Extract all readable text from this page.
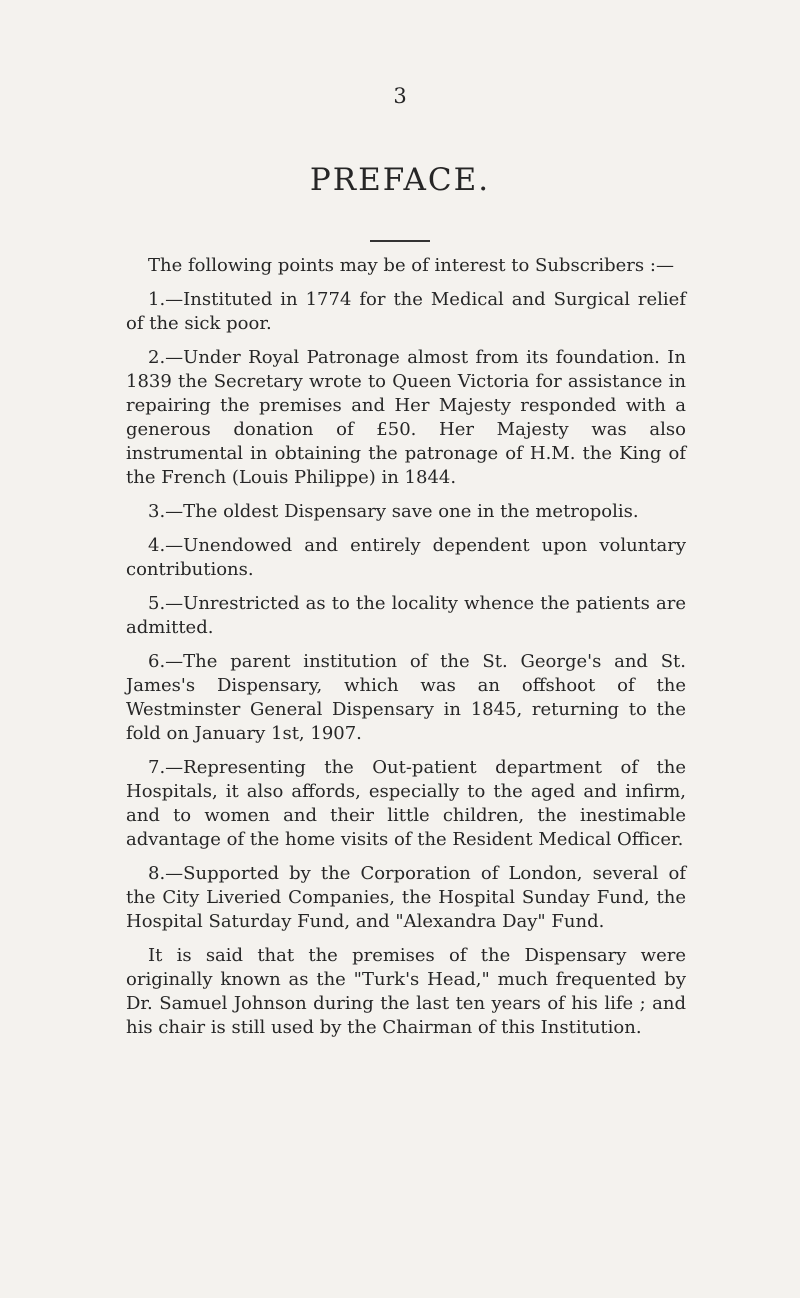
3
PREFACE.

The following points may be of interest to Subscribers :—

1.—Instituted in 1774 for the Medical and Surgical relief of the sick poor.

2.—Under Royal Patronage almost from its foundation. In 1839 the Secretary wrote to Queen Victoria for assistance in repairing the premises and Her Majesty responded with a generous donation of £50. Her Majesty was also instrumental in obtaining the patronage of H.M. the King of the French (Louis Philippe) in 1844.

3.—The oldest Dispensary save one in the metropolis.

4.—Unendowed and entirely dependent upon voluntary contributions.

5.—Unrestricted as to the locality whence the patients are admitted.

6.—The parent institution of the St. George's and St. James's Dispensary, which was an offshoot of the Westminster General Dispensary in 1845, returning to the fold on January 1st, 1907.

7.—Representing the Out-patient department of the Hospitals, it also affords, especially to the aged and infirm, and to women and their little children, the inestimable advantage of the home visits of the Resident Medical Officer.

8.—Supported by the Corporation of London, several of the City Liveried Companies, the Hospital Sunday Fund, the Hospital Saturday Fund, and "Alexandra Day" Fund.

It is said that the premises of the Dispensary were originally known as the "Turk's Head," much frequented by Dr. Samuel Johnson during the last ten years of his life ; and his chair is still used by the Chairman of this Institution.
